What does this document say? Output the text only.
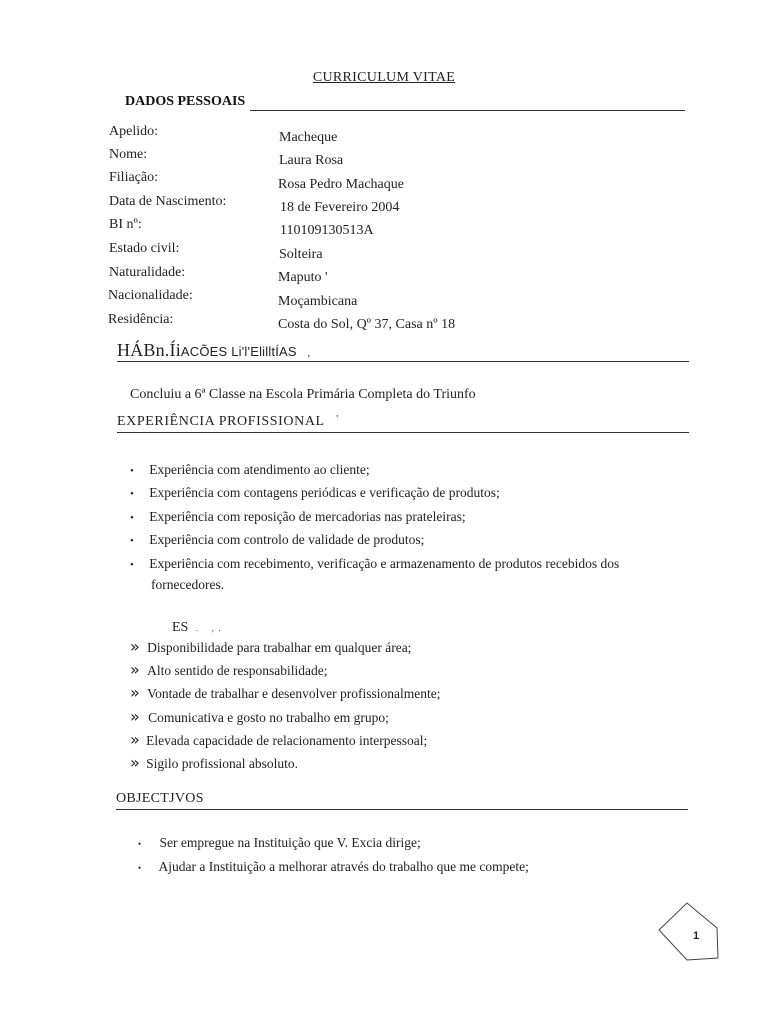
CURRICULUM VITAE
DADOS PESSOAIS
Apelido:	Macheque
Nome:	Laura Rosa
Filiação:	Rosa Pedro Machaque
Data de Nascimento:	18 de Fevereiro 2004
BI nº:	110109130513A
Estado civil:	Solteira
Naturalidade:	Maputo '
Nacionalidade:	Moçambicana
Residência:	Costa do Sol, Qº 37, Casa nº 18
HÁBn.ÍiACÕES Li'l'ElilltÍAS ,
Concluiu a 6ª Classe na Escola Primária Completa do Triunfo
EXPERIÊNCIA PROFISSIONAL '
• Experiência com atendimento ao cliente;
• Experiência com contagens periódicas e verificação de produtos;
• Experiência com reposição de mercadorias nas prateleiras;
• Experiência com controlo de validade de produtos;
• Experiência com recebimento, verificação e armazenamento de produtos recebidos dos
fornecedores.
ES .      ,  .
» Disponibilidade para trabalhar em qualquer área;
» Alto sentido de responsabilidade;
» Vontade de trabalhar e desenvolver profissionalmente;
» Comunicativa e gosto no trabalho em grupo;
» Elevada capacidade de relacionamento interpessoal;
» Sigilo profissional absoluto.
OBJECTJVOS
• Ser empregue na Instituição que V. Excia dirige;
• Ajudar a Instituição a melhorar através do trabalho que me compete;
1
